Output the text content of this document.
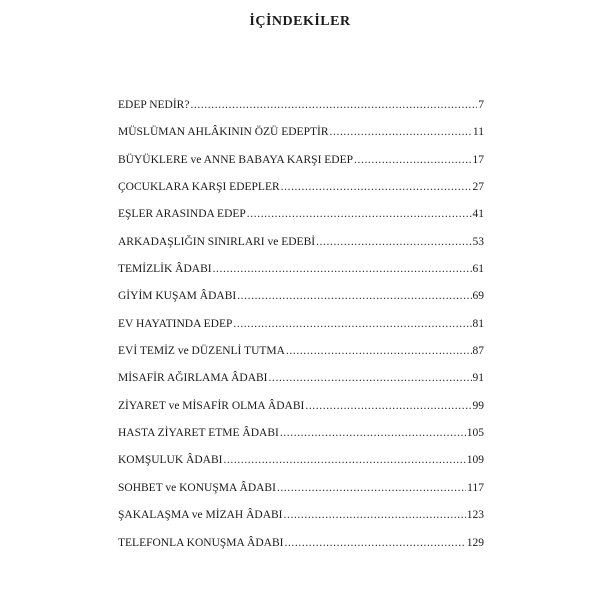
İÇİNDEKİLER
EDEP NEDİR? .....	7
MÜSLÜMAN AHLÂKININ ÖZÜ EDEPTİR .....	11
BÜYÜKLERE ve ANNE BABAYA KARŞI EDEP .....	17
ÇOCUKLARA KARŞI EDEPLER .....	27
EŞLER ARASINDA EDEP .....	41
ARKADAŞLIĞIN SINIRLARI ve EDEBİ .....	53
TEMİZLİK ÂDABI .....	61
GİYİM KUŞAM ÂDABI .....	69
EV HAYATINDA EDEP .....	81
EVİ TEMİZ ve DÜZENLİ TUTMA .....	87
MİSAFİR AĞIRLAMA ÂDABI .....	91
ZİYARET ve MİSAFİR OLMA ÂDABI .....	99
HASTA ZİYARET ETME ÂDABI .....	105
KOMŞULUK ÂDABI .....	109
SOHBET ve KONUŞMA ÂDABI .....	117
ŞAKALAŞMA ve MİZAH ÂDABI .....	123
TELEFONLA KONUŞMA ÂDABI .....	129
